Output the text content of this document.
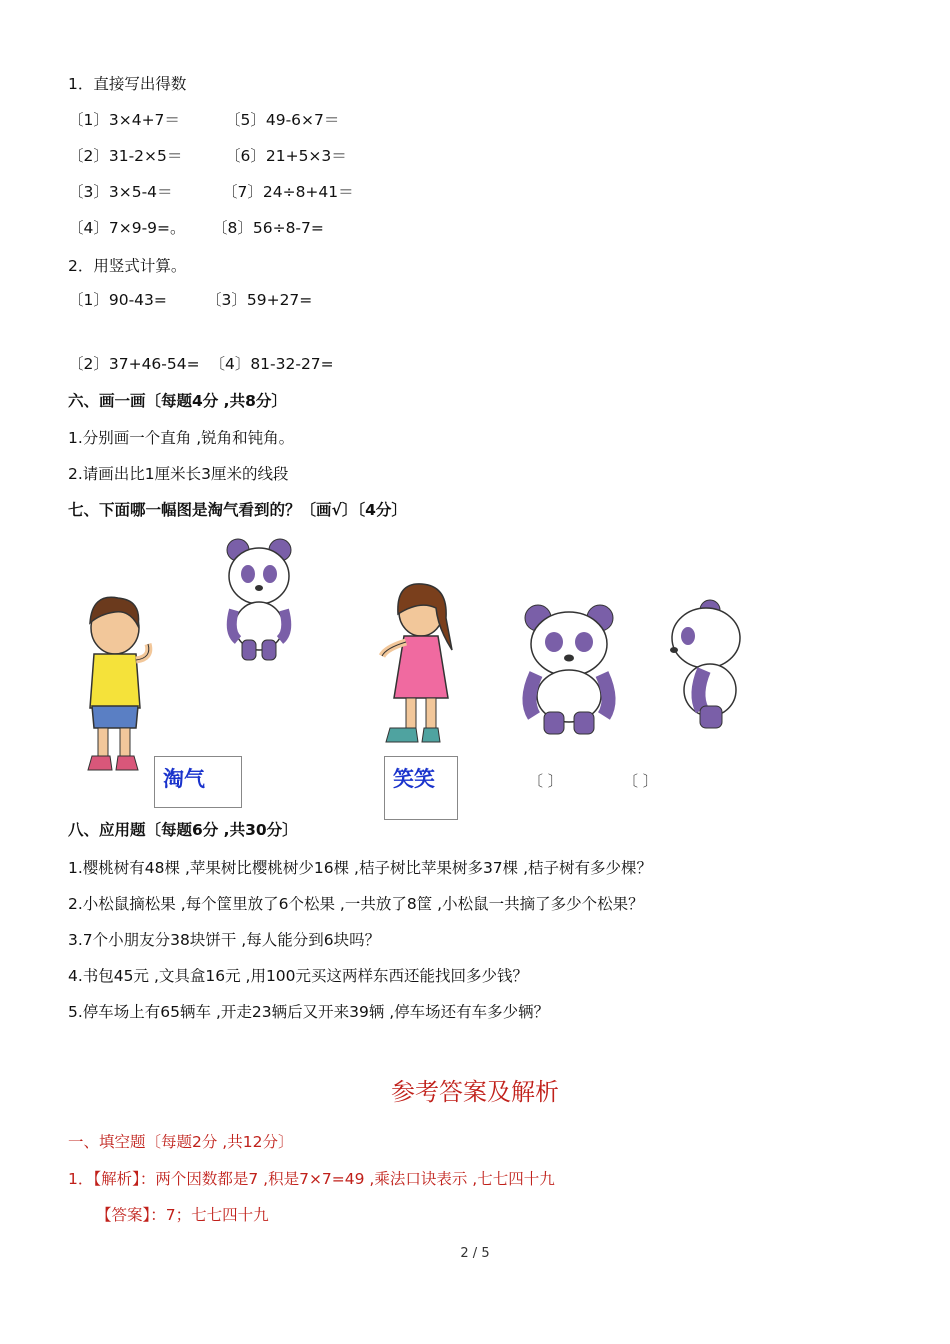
1．直接写出得数
〔1〕3×4+7＝	〔5〕49-6×7＝
〔2〕31-2×5＝	〔6〕21+5×3＝
〔3〕3×5-4＝	〔7〕24÷8+41＝
〔4〕7×9-9=。 〔8〕56÷8-7=
2．用竖式计算。
〔1〕90-43=	〔3〕59+27=
〔2〕37+46-54=  〔4〕81-32-27=
六、画一画〔每题4分 ,共8分〕
1.分别画一个直角 ,锐角和钝角。
2.请画出比1厘米长3厘米的线段
七、下面哪一幅图是淘气看到的？〔画√〕〔4分〕
淘气	笑笑	〔 〕	〔 〕
八、应用题〔每题6分 ,共30分〕
1.樱桃树有48棵 ,苹果树比樱桃树少16棵 ,桔子树比苹果树多37棵 ,桔子树有多少棵？
2.小松鼠摘松果 ,每个筐里放了6个松果 ,一共放了8筐 ,小松鼠一共摘了多少个松果？
3.7个小朋友分38块饼干 ,每人能分到6块吗？
4.书包45元 ,文具盒16元 ,用100元买这两样东西还能找回多少钱？
5.停车场上有65辆车 ,开走23辆后又开来39辆 ,停车场还有车多少辆？
参考答案及解析
一、填空题〔每题2分 ,共12分〕
1．【解析】：两个因数都是7 ,积是7×7=49 ,乘法口诀表示 ,七七四十九
【答案】：7；七七四十九
2 / 5
